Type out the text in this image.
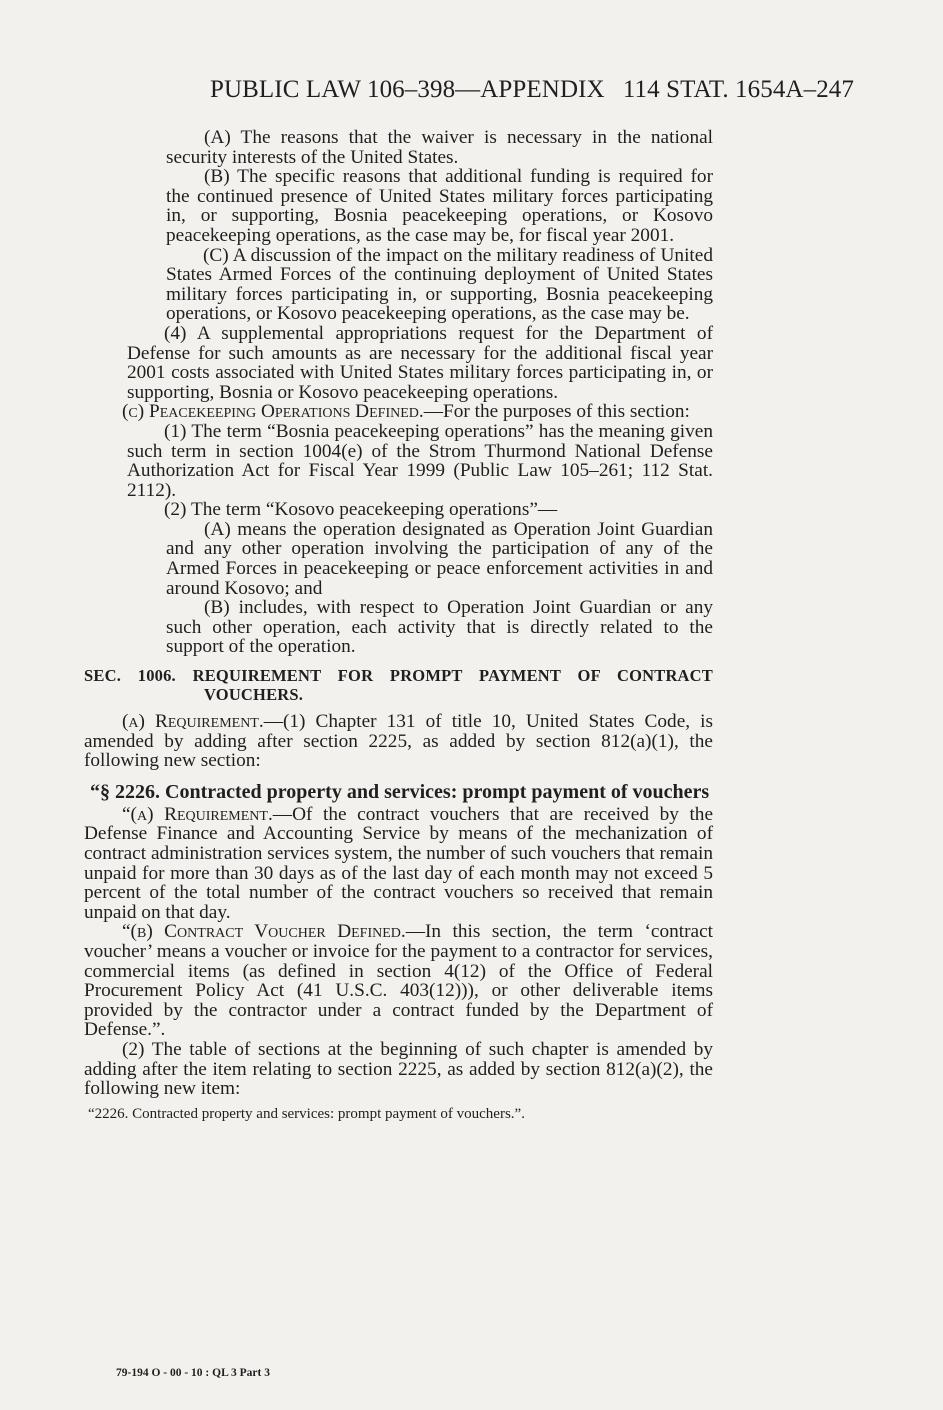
PUBLIC LAW 106–398—APPENDIX 114 STAT. 1654A–247

(A) The reasons that the waiver is necessary in the national security interests of the United States.

(B) The specific reasons that additional funding is required for the continued presence of United States military forces participating in, or supporting, Bosnia peacekeeping operations, or Kosovo peacekeeping operations, as the case may be, for fiscal year 2001.

(C) A discussion of the impact on the military readiness of United States Armed Forces of the continuing deployment of United States military forces participating in, or supporting, Bosnia peacekeeping operations, or Kosovo peacekeeping operations, as the case may be.

(4) A supplemental appropriations request for the Department of Defense for such amounts as are necessary for the additional fiscal year 2001 costs associated with United States military forces participating in, or supporting, Bosnia or Kosovo peacekeeping operations.

(c) Peacekeeping Operations Defined.—For the purposes of this section:

(1) The term “Bosnia peacekeeping operations” has the meaning given such term in section 1004(e) of the Strom Thurmond National Defense Authorization Act for Fiscal Year 1999 (Public Law 105–261; 112 Stat. 2112).

(2) The term “Kosovo peacekeeping operations”—

(A) means the operation designated as Operation Joint Guardian and any other operation involving the participation of any of the Armed Forces in peacekeeping or peace enforcement activities in and around Kosovo; and

(B) includes, with respect to Operation Joint Guardian or any such other operation, each activity that is directly related to the support of the operation.

SEC. 1006. REQUIREMENT FOR PROMPT PAYMENT OF CONTRACT VOUCHERS.

(a) Requirement.—(1) Chapter 131 of title 10, United States Code, is amended by adding after section 2225, as added by section 812(a)(1), the following new section:

“§ 2226. Contracted property and services: prompt payment of vouchers

“(a) Requirement.—Of the contract vouchers that are received by the Defense Finance and Accounting Service by means of the mechanization of contract administration services system, the number of such vouchers that remain unpaid for more than 30 days as of the last day of each month may not exceed 5 percent of the total number of the contract vouchers so received that remain unpaid on that day.

“(b) Contract Voucher Defined.—In this section, the term ‘contract voucher’ means a voucher or invoice for the payment to a contractor for services, commercial items (as defined in section 4(12) of the Office of Federal Procurement Policy Act (41 U.S.C. 403(12))), or other deliverable items provided by the contractor under a contract funded by the Department of Defense.”.

(2) The table of sections at the beginning of such chapter is amended by adding after the item relating to section 2225, as added by section 812(a)(2), the following new item:

“2226. Contracted property and services: prompt payment of vouchers.”.

79-194 O - 00 - 10 : QL 3 Part 3
